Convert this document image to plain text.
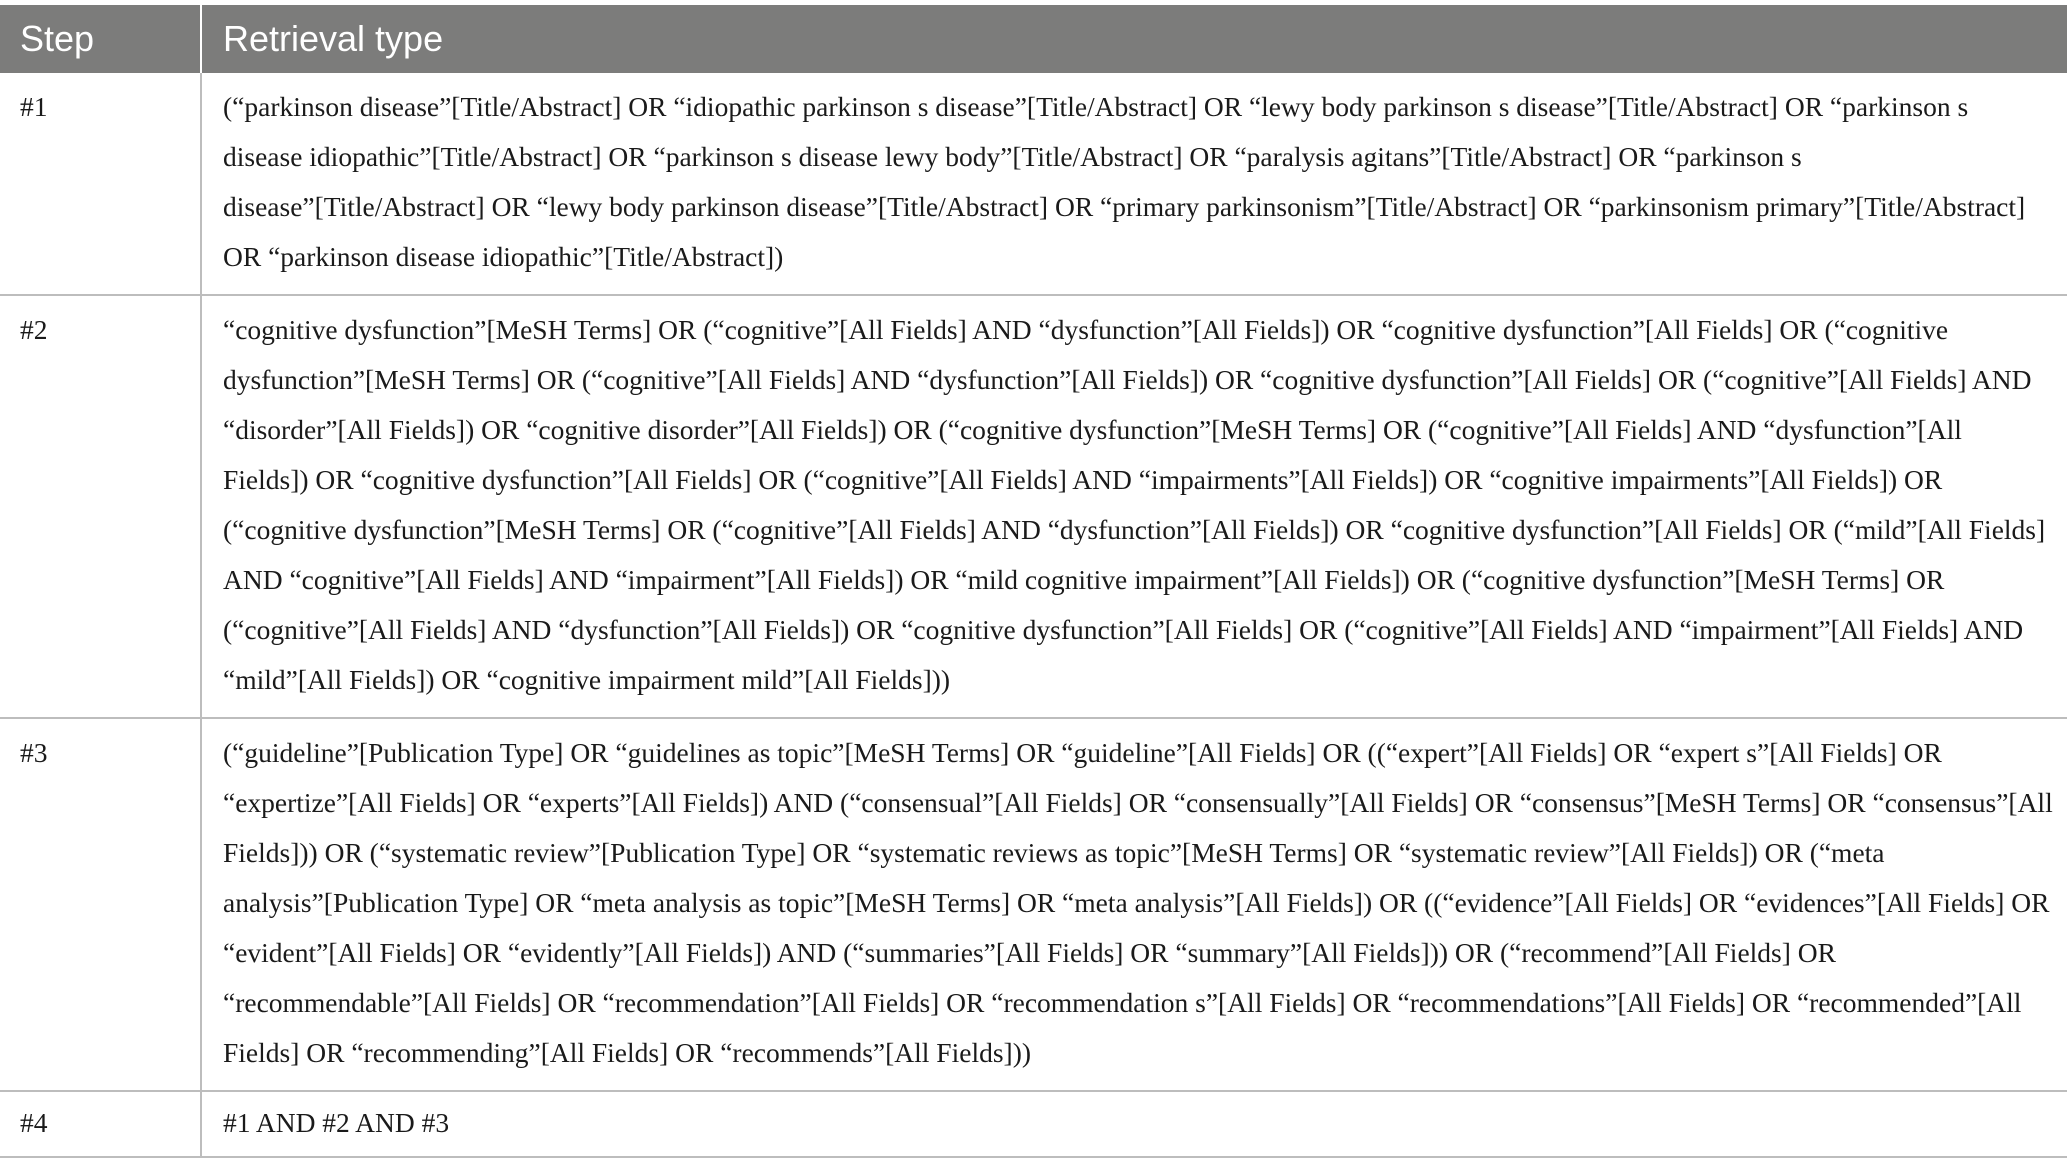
Step	Retrieval type
#1	(“parkinson disease”[Title/Abstract] OR “idiopathic parkinson s disease”[Title/Abstract] OR “lewy body parkinson s disease”[Title/Abstract] OR “parkinson s disease idiopathic”[Title/Abstract] OR “parkinson s disease lewy body”[Title/Abstract] OR “paralysis agitans”[Title/Abstract] OR “parkinson s disease”[Title/Abstract] OR “lewy body parkinson disease”[Title/Abstract] OR “primary parkinsonism”[Title/Abstract] OR “parkinsonism primary”[Title/Abstract] OR “parkinson disease idiopathic”[Title/Abstract])
#2	“cognitive dysfunction”[MeSH Terms] OR (“cognitive”[All Fields] AND “dysfunction”[All Fields]) OR “cognitive dysfunction”[All Fields] OR (“cognitive dysfunction”[MeSH Terms] OR (“cognitive”[All Fields] AND “dysfunction”[All Fields]) OR “cognitive dysfunction”[All Fields] OR (“cognitive”[All Fields] AND “disorder”[All Fields]) OR “cognitive disorder”[All Fields]) OR (“cognitive dysfunction”[MeSH Terms] OR (“cognitive”[All Fields] AND “dysfunction”[All Fields]) OR “cognitive dysfunction”[All Fields] OR (“cognitive”[All Fields] AND “impairments”[All Fields]) OR “cognitive impairments”[All Fields]) OR (“cognitive dysfunction”[MeSH Terms] OR (“cognitive”[All Fields] AND “dysfunction”[All Fields]) OR “cognitive dysfunction”[All Fields] OR (“mild”[All Fields] AND “cognitive”[All Fields] AND “impairment”[All Fields]) OR “mild cognitive impairment”[All Fields]) OR (“cognitive dysfunction”[MeSH Terms] OR (“cognitive”[All Fields] AND “dysfunction”[All Fields]) OR “cognitive dysfunction”[All Fields] OR (“cognitive”[All Fields] AND “impairment”[All Fields] AND “mild”[All Fields]) OR “cognitive impairment mild”[All Fields]))
#3	(“guideline”[Publication Type] OR “guidelines as topic”[MeSH Terms] OR “guideline”[All Fields] OR ((“expert”[All Fields] OR “expert s”[All Fields] OR “expertize”[All Fields] OR “experts”[All Fields]) AND (“consensual”[All Fields] OR “consensually”[All Fields] OR “consensus”[MeSH Terms] OR “consensus”[All Fields])) OR (“systematic review”[Publication Type] OR “systematic reviews as topic”[MeSH Terms] OR “systematic review”[All Fields]) OR (“meta analysis”[Publication Type] OR “meta analysis as topic”[MeSH Terms] OR “meta analysis”[All Fields]) OR ((“evidence”[All Fields] OR “evidences”[All Fields] OR “evident”[All Fields] OR “evidently”[All Fields]) AND (“summaries”[All Fields] OR “summary”[All Fields])) OR (“recommend”[All Fields] OR “recommendable”[All Fields] OR “recommendation”[All Fields] OR “recommendation s”[All Fields] OR “recommendations”[All Fields] OR “recommended”[All Fields] OR “recommending”[All Fields] OR “recommends”[All Fields]))
#4	#1 AND #2 AND #3
